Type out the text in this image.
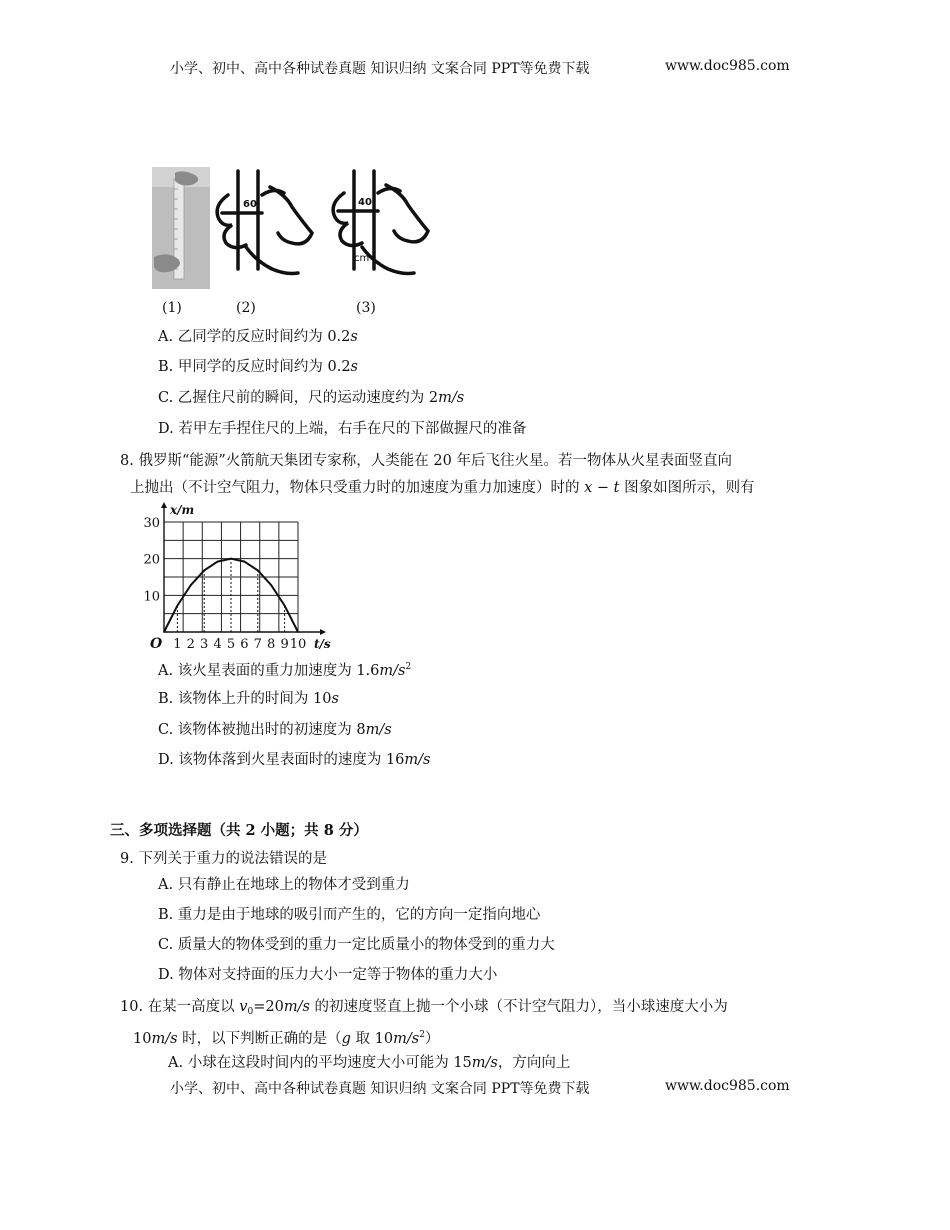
小学、初中、高中各种试卷真题 知识归纳 文案合同 PPT等免费下载	www.doc985.com
60	40
cm
(1)	(2)	(3)
A. 乙同学的反应时间约为 0.2s
B. 甲同学的反应时间约为 0.2s
C. 乙握住尺前的瞬间，尺的运动速度约为 2m/s
D. 若甲左手捏住尺的上端，右手在尺的下部做握尺的准备
8. 俄罗斯“能源”火箭航天集团专家称，人类能在 20 年后飞往火星。若一物体从火星表面竖直向
上抛出（不计空气阻力，物体只受重力时的加速度为重力加速度）时的 x − t 图象如图所示，则有
1 2 3 4 5 6 7 8 9 10
10
20
30
O	t/s
x/m
A. 该火星表面的重力加速度为 $1.6m/s^2$
B. 该物体上升的时间为 10s
C. 该物体被抛出时的初速度为 8m/s
D. 该物体落到火星表面时的速度为 16m/s
三、多项选择题（共 2 小题；共 8 分）
9. 下列关于重力的说法错误的是
A. 只有静止在地球上的物体才受到重力
B. 重力是由于地球的吸引而产生的，它的方向一定指向地心
C. 质量大的物体受到的重力一定比质量小的物体受到的重力大
D. 物体对支持面的压力大小一定等于物体的重力大小
10. 在某一高度以 $v_0=20m/s$ 的初速度竖直上抛一个小球（不计空气阻力），当小球速度大小为
10m/s 时，以下判断正确的是（g 取 $10m/s^2$）
A. 小球在这段时间内的平均速度大小可能为 15m/s，方向向上
小学、初中、高中各种试卷真题 知识归纳 文案合同 PPT等免费下载	www.doc985.com
